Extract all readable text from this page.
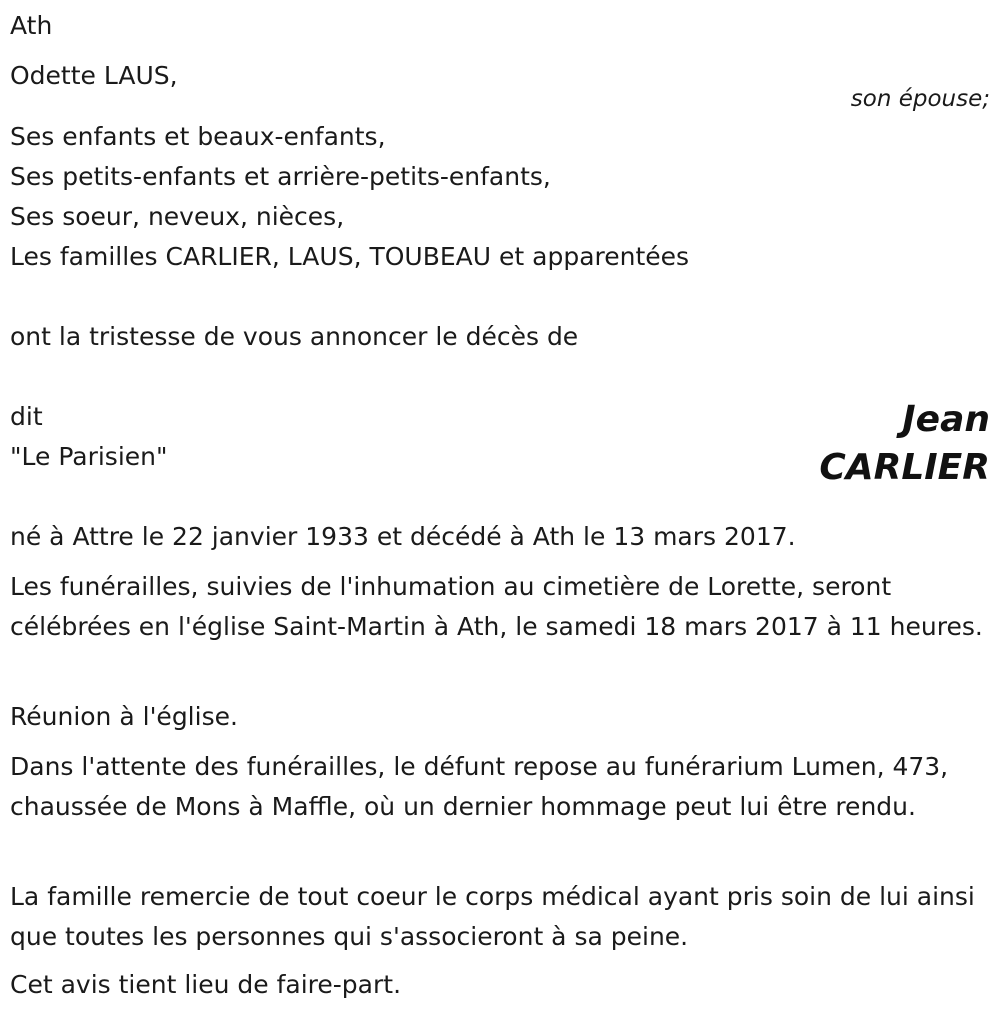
Ath
Odette LAUS,
son épouse;
Ses enfants et beaux-enfants,
Ses petits-enfants et arrière-petits-enfants,
Ses soeur, neveux, nièces,
Les familles CARLIER, LAUS, TOUBEAU et apparentées
ont la tristesse de vous annoncer le décès de
dit
"Le Parisien"
Jean
CARLIER
né à Attre le 22 janvier 1933 et décédé à Ath le 13 mars 2017.
Les funérailles, suivies de l'inhumation au cimetière de Lorette, seront célébrées en l'église Saint-Martin à Ath, le samedi 18 mars 2017 à 11 heures.
Réunion à l'église.
Dans l'attente des funérailles, le défunt repose au funérarium Lumen, 473, chaussée de Mons à Maffle, où un dernier hommage peut lui être rendu.
La famille remercie de tout coeur le corps médical ayant pris soin de lui ainsi que toutes les personnes qui s'associeront à sa peine.
Cet avis tient lieu de faire-part.
